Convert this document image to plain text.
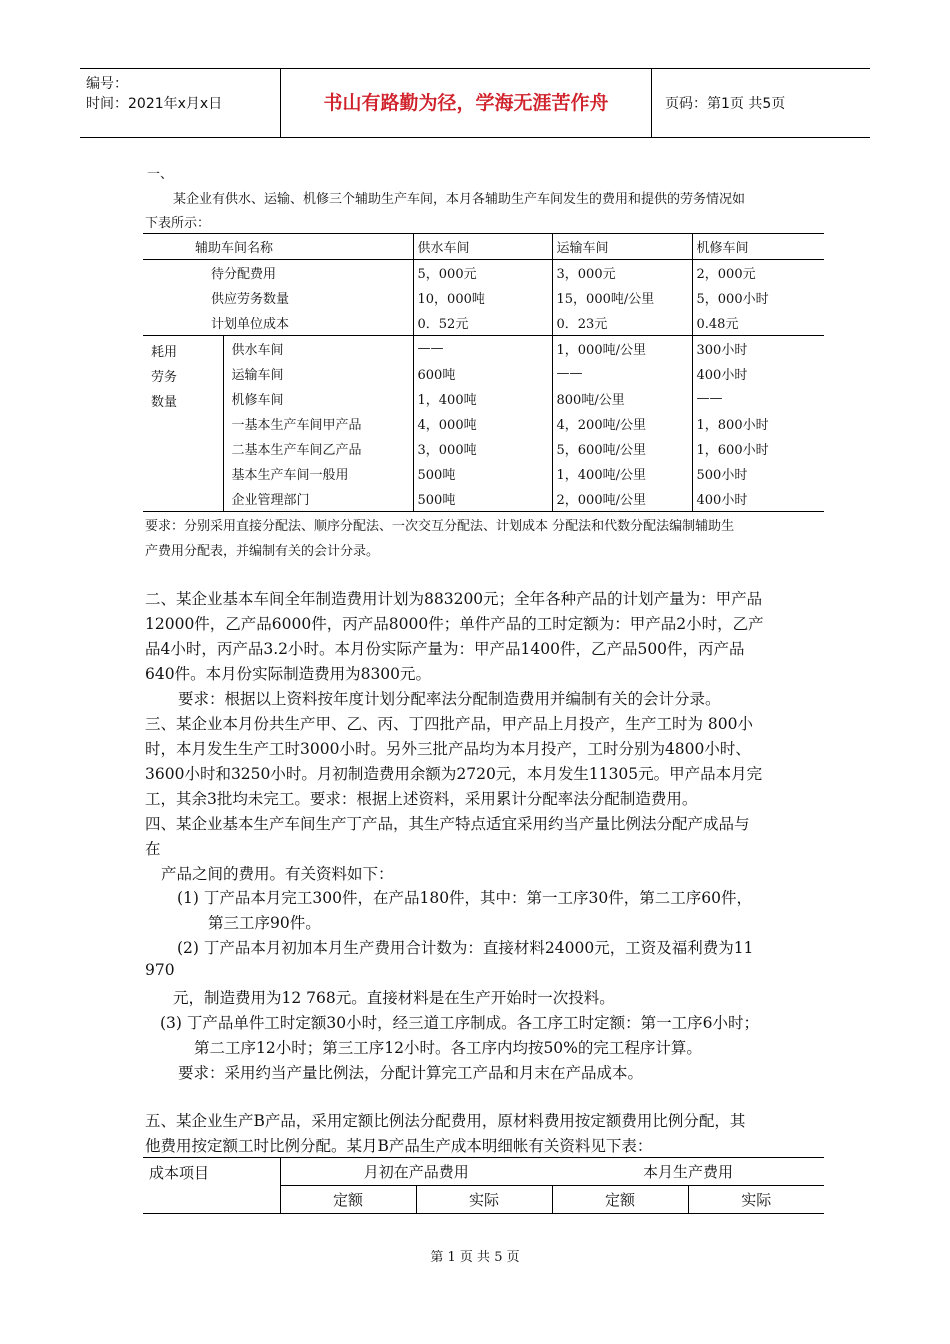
编号：
时间：2021年x月x日	书山有路勤为径，学海无涯苦作舟	页码：第1页 共5页
一、
某企业有供水、运输、机修三个辅助生产车间，本月各辅助生产车间发生的费用和提供的劳务情况如
下表所示：
辅助车间名称		供水车间	运输车间	机修车间
待分配费用		5，000元	3，000元	2，000元
供应劳务数量		10，000吨	15，000吨/公里	5，000小时
计划单位成本		0．52元	0．23元	0.48元

耗用
劳务
数量	供水车间	——	1，000吨/公里	300小时
	运输车间	600吨	——	400小时
	机修车间	1，400吨	800吨/公里	——
	一基本生产车间甲产品	4，000吨	4，200吨/公里	1，800小时
	二基本生产车间乙产品	3，000吨	5，600吨/公里	1，600小时
	基本生产车间一般用	500吨	1，400吨/公里	500小时
	企业管理部门	500吨	2，000吨/公里	400小时
要求：分别采用直接分配法、顺序分配法、一次交互分配法、计划成本 分配法和代数分配法编制辅助生
产费用分配表，并编制有关的会计分录。
二、某企业基本车间全年制造费用计划为883200元；全年各种产品的计划产量为：甲产品
12000件，乙产品6000件，丙产品8000件；单件产品的工时定额为：甲产品2小时，乙产
品4小时，丙产品3.2小时。本月份实际产量为：甲产品1400件，乙产品500件，丙产品
640件。本月份实际制造费用为8300元。
要求：根据以上资料按年度计划分配率法分配制造费用并编制有关的会计分录。
三、某企业本月份共生产甲、乙、丙、丁四批产品，甲产品上月投产，生产工时为 800小
时，本月发生生产工时3000小时。另外三批产品均为本月投产，工时分别为4800小时、
3600小时和3250小时。月初制造费用余额为2720元，本月发生11305元。甲产品本月完
工，其余3批均未完工。要求：根据上述资料，采用累计分配率法分配制造费用。
四、某企业基本生产车间生产丁产品，其生产特点适宜采用约当产量比例法分配产成品与
在
产品之间的费用。有关资料如下：
(1) 丁产品本月完工300件，在产品180件，其中：第一工序30件，第二工序60件，
第三工序90件。
(2) 丁产品本月初加本月生产费用合计数为：直接材料24000元，工资及福利费为11
970
元，制造费用为12 768元。直接材料是在生产开始时一次投料。
(3) 丁产品单件工时定额30小时，经三道工序制成。各工序工时定额：第一工序6小时；
第二工序12小时；第三工序12小时。各工序内均按50%的完工程序计算。
要求：采用约当产量比例法，分配计算完工产品和月末在产品成本。
五、某企业生产B产品，采用定额比例法分配费用，原材料费用按定额费用比例分配，其
他费用按定额工时比例分配。某月B产品生产成本明细帐有关资料见下表：
成本项目	月初在产品费用		本月生产费用	
	定额	实际	定额	实际
第 1 页 共 5 页
